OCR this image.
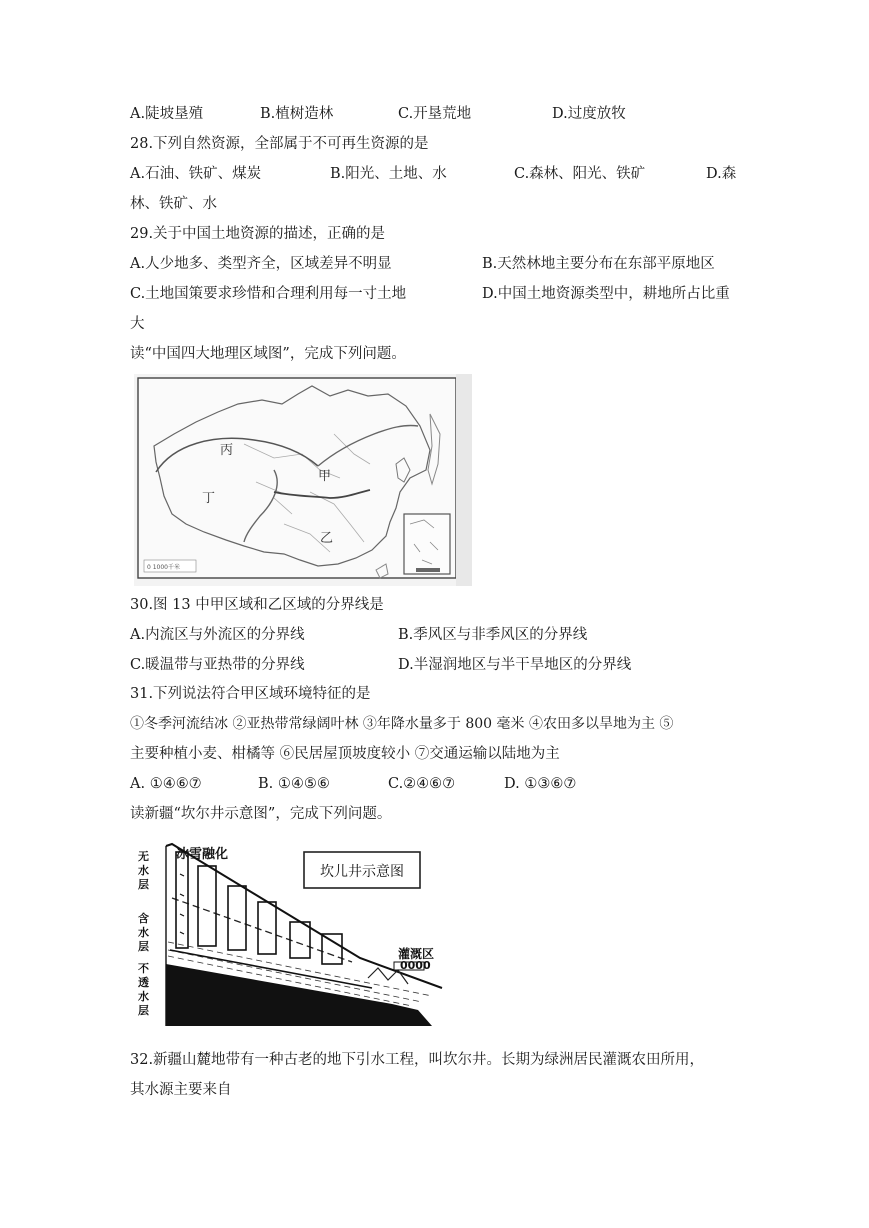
A.陡坡垦殖	B.植树造林	C.开垦荒地	D.过度放牧
28.下列自然资源，全部属于不可再生资源的是
A.石油、铁矿、煤炭	B.阳光、土地、水	C.森林、阳光、铁矿	D.森
林、铁矿、水
29.关于中国土地资源的描述，正确的是
A.人少地多、类型齐全，区域差异不明显	B.天然林地主要分布在东部平原地区
C.土地国策要求珍惜和合理利用每一寸土地	D.中国土地资源类型中，耕地所占比重
大
读“中国四大地理区域图”，完成下列问题。
丙
甲
丁
乙
0 1000千米
30.图 13 中甲区域和乙区域的分界线是
A.内流区与外流区的分界线	B.季风区与非季风区的分界线
C.暖温带与亚热带的分界线	D.半湿润地区与半干旱地区的分界线
31.下列说法符合甲区域环境特征的是
①冬季河流结冰 ②亚热带常绿阔叶林 ③年降水量多于 800 毫米 ④农田多以旱地为主 ⑤
主要种植小麦、柑橘等 ⑥民居屋顶坡度较小 ⑦交通运输以陆地为主
A. ①④⑥⑦	B. ①④⑤⑥	C.②④⑥⑦	D. ①③⑥⑦
读新疆“坎尔井示意图”，完成下列问题。
无
水
层
含
水
层
不
透
水
层
0000
坎儿井示意图
冰雪融化
灌溉区
32.新疆山麓地带有一种古老的地下引水工程，叫坎尔井。长期为绿洲居民灌溉农田所用，
其水源主要来自
